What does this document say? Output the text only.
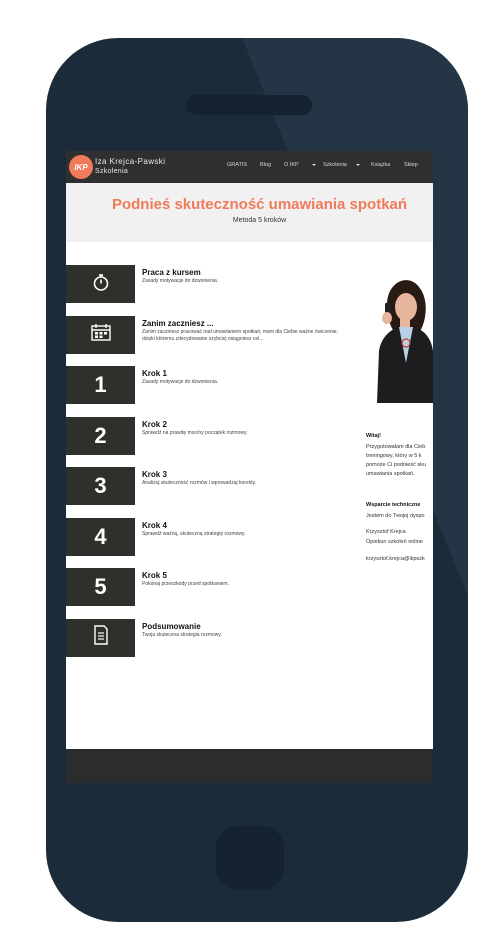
IKP
Iza Krejca-Pawski
Szkolenia
GRATIS Blog O IKP	Szkolenia	Książka Sklep
Podnieś skuteczność umawiania spotkań
Metoda 5 kroków
Praca z kursem
Zasady motywacje do dzwonienia.
Zanim zaczniesz ...
Zanim zaczniesz pracować nad umawianiem spotkań, mam dla Ciebie ważne ćwiczenie, dzięki któremu zdecydowanie szybciej osiągniesz cel...
1	Krok 1
Zasady motywacje do dzwonienia.
2	Krok 2
Sprawdź na prawdę moc/ny początek rozmowy.
3	Krok 3
Analizuj skuteczność rozmów i wprowadzaj korekty.
4	Krok 4
Sprawdź ważną, skuteczną strategię rozmowy.
5	Krok 5
Pokonaj przeszkody przed spotkaniem.
Podsumowanie
Twoja skuteczna strategia rozmowy.
Witaj!
Przygotowałam dla Cieb
treningowy, który w 5 k
pomoże Ci podnieść sku
umawiania spotkań.
Wsparcie techniczne
Jestem do Twojej dyspo
Krzysztof Krejca
Opiekun szkoleń online
krzysztof.krejca@ikpszk
